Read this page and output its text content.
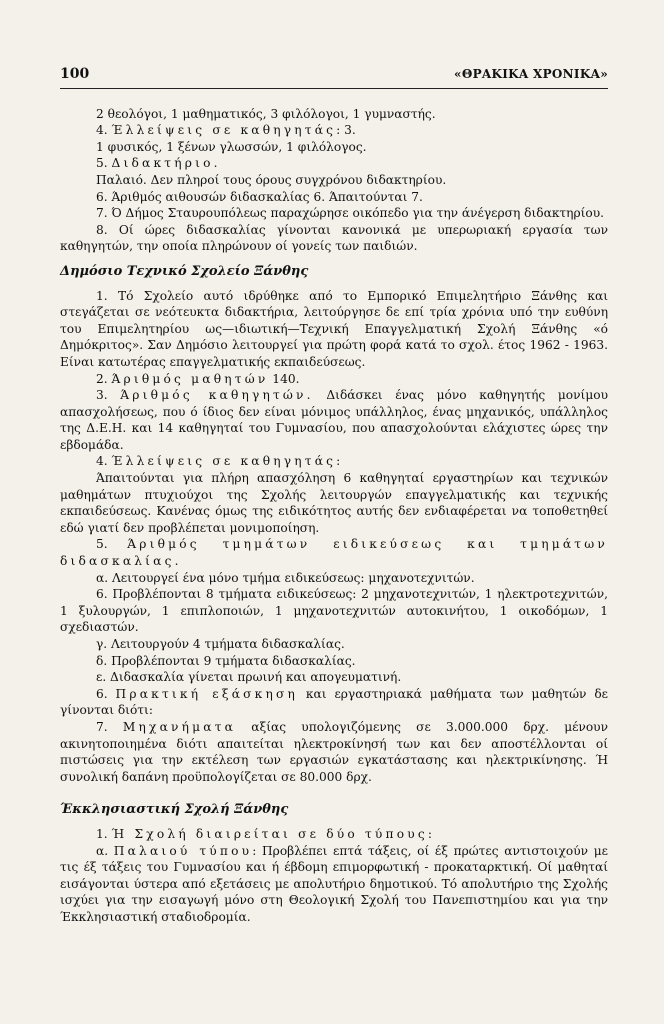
100	«ΘΡΑΚΙΚΑ ΧΡΟΝΙΚΑ»

2 θεολόγοι, 1 μαθηματικός, 3 φιλόλογοι, 1 γυμναστής.

4. Έλλείψεις σε καθηγητάς: 3.

1 φυσικός, 1 ξένων γλωσσών, 1 φιλόλογος.

5. Διδακτήριο.

Παλαιό. Δεν πληροί τους όρους συγχρόνου διδακτηρίου.

6. Άριθμός αιθουσών διδασκαλίας 6. Άπαιτούνται 7.

7. Ό Δήμος Σταυρουπόλεως παραχώρησε οικόπεδο για την άνέγερση διδακτηρίου.

8. Οί ώρες διδασκαλίας γίνονται κανονικά με υπερωριακή εργασία των καθηγητών, την οποία πληρώνουν οί γονείς των παιδιών.

Δημόσιο Τεχνικό Σχολείο Ξάνθης

1. Τό Σχολείο αυτό ιδρύθηκε από το Εμπορικό Επιμελητήριο Ξάνθης και στεγάζεται σε νεότευκτα διδακτήρια, λειτούργησε δε επί τρία χρόνια υπό την ευθύνη του Επιμελητηρίου ως—ιδιωτική—Τεχνική Επαγγελματική Σχολή Ξάνθης «ό Δημόκριτος». Σαν Δημόσιο λειτουργεί για πρώτη φορά κατά το σχολ. έτος 1962 - 1963. Είναι κατωτέρας επαγγελματικής εκπαιδεύσεως.

2. Άριθμός μαθητών 140.

3. Άριθμός καθηγητών. Διδάσκει ένας μόνο καθηγητής μονίμου απασχολήσεως, που ό ίδιος δεν είναι μόνιμος υπάλληλος, ένας μηχανικός, υπάλληλος της Δ.Ε.Η. και 14 καθηγηταί του Γυμνασίου, που απασχολούνται ελάχιστες ώρες την εβδομάδα.

4. Έλλείψεις σε καθηγητάς:

Άπαιτούνται για πλήρη απασχόληση 6 καθηγηταί εργαστηρίων και τεχνικών μαθημάτων πτυχιούχοι της Σχολής λειτουργών επαγγελματικής και τεχνικής εκπαιδεύσεως. Κανένας όμως της ειδικότητος αυτής δεν ενδιαφέρεται να τοποθετηθεί εδώ γιατί δεν προβλέπεται μονιμοποίηση.

5. Άριθμός τμημάτων ειδικεύσεως και τμημάτων διδασκαλίας.

α. Λειτουργεί ένα μόνο τμήμα ειδικεύσεως: μηχανοτεχνιτών.

6. Προβλέπονται 8 τμήματα ειδικεύσεως: 2 μηχανοτεχνιτών, 1 ηλεκτροτεχνιτών, 1 ξυλουργών, 1 επιπλοποιών, 1 μηχανοτεχνιτών αυτοκινήτου, 1 οικοδόμων, 1 σχεδιαστών.

γ. Λειτουργούν 4 τμήματα διδασκαλίας.

δ. Προβλέπονται 9 τμήματα διδασκαλίας.

ε. Διδασκαλία γίνεται πρωινή και απογευματινή.

6. Πρακτική εξάσκηση και εργαστηριακά μαθήματα των μαθητών δε γίνονται διότι:

7. Μηχανήματα αξίας υπολογιζόμενης σε 3.000.000 δρχ. μένουν ακινητοποιημένα διότι απαιτείται ηλεκτροκίνησή των και δεν αποστέλλονται οί πιστώσεις για την εκτέλεση των εργασιών εγκατάστασης και ηλεκτρικίνησης. Ή συνολική δαπάνη προϋπολογίζεται σε 80.000 δρχ.

Έκκλησιαστική Σχολή Ξάνθης

1. Ή Σχολή διαιρείται σε δύο τύπους:

α. Παλαιού τύπου: Προβλέπει επτά τάξεις, οί έξ πρώτες αντιστοιχούν με τις έξ τάξεις του Γυμνασίου και ή έβδομη επιμορφωτική - προκαταρκτική. Οί μαθηταί εισάγονται ύστερα από εξετάσεις με απολυτήριο δημοτικού. Τό απολυτήριο της Σχολής ισχύει για την εισαγωγή μόνο στη Θεολογική Σχολή του Πανεπιστημίου και για την Έκκλησιαστική σταδιοδρομία.
